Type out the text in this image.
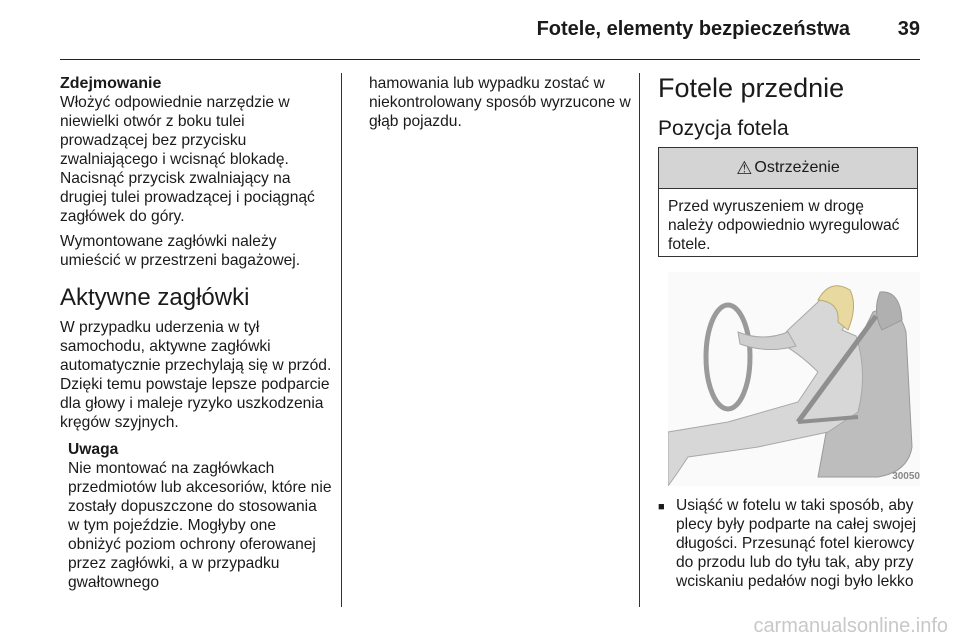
Fotele, elementy bezpieczeństwa 39

Zdejmowanie

Włożyć odpowiednie narzędzie w niewielki otwór z boku tulei prowadzącej bez przycisku zwalniającego i wcisnąć blokadę. Nacisnąć przycisk zwalniający na drugiej tulei prowadzącej i pociągnąć zagłówek do góry.

Wymontowane zagłówki należy umieścić w przestrzeni bagażowej.

Aktywne zagłówki

W przypadku uderzenia w tył samochodu, aktywne zagłówki automatycznie przechylają się w przód. Dzięki temu powstaje lepsze podparcie dla głowy i maleje ryzyko uszkodzenia kręgów szyjnych.

Uwaga

Nie montować na zagłówkach przedmiotów lub akcesoriów, które nie zostały dopuszczone do stosowania w tym pojeździe. Mogłyby one obniżyć poziom ochrony oferowanej przez zagłówki, a w przypadku gwałtownego

hamowania lub wypadku zostać w niekontrolowany sposób wyrzucone w głąb pojazdu.

Fotele przednie

Pozycja fotela

⚠ Ostrzeżenie
Przed wyruszeniem w drogę należy odpowiednio wyregulować fotele.
30050
■ Usiąść w fotelu w taki sposób, aby plecy były podparte na całej swojej długości. Przesunąć fotel kierowcy do przodu lub do tyłu tak, aby przy wciskaniu pedałów nogi było lekko
carmanualsonline.info
